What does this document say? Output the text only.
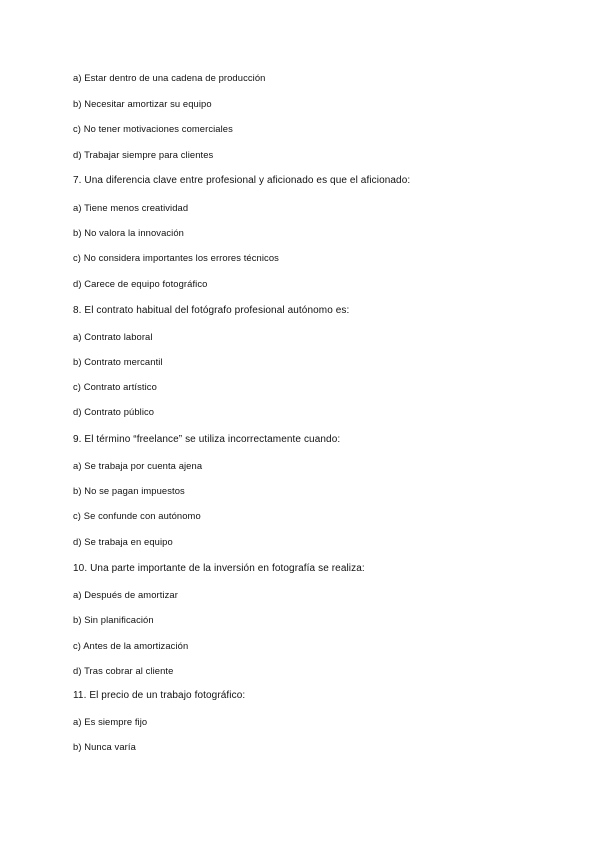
a) Estar dentro de una cadena de producción
b) Necesitar amortizar su equipo
c) No tener motivaciones comerciales
d) Trabajar siempre para clientes
7. Una diferencia clave entre profesional y aficionado es que el aficionado:
a) Tiene menos creatividad
b) No valora la innovación
c) No considera importantes los errores técnicos
d) Carece de equipo fotográfico
8. El contrato habitual del fotógrafo profesional autónomo es:
a) Contrato laboral
b) Contrato mercantil
c) Contrato artístico
d) Contrato público
9. El término “freelance” se utiliza incorrectamente cuando:
a) Se trabaja por cuenta ajena
b) No se pagan impuestos
c) Se confunde con autónomo
d) Se trabaja en equipo
10. Una parte importante de la inversión en fotografía se realiza:
a) Después de amortizar
b) Sin planificación
c) Antes de la amortización
d) Tras cobrar al cliente
11. El precio de un trabajo fotográfico:
a) Es siempre fijo
b) Nunca varía
